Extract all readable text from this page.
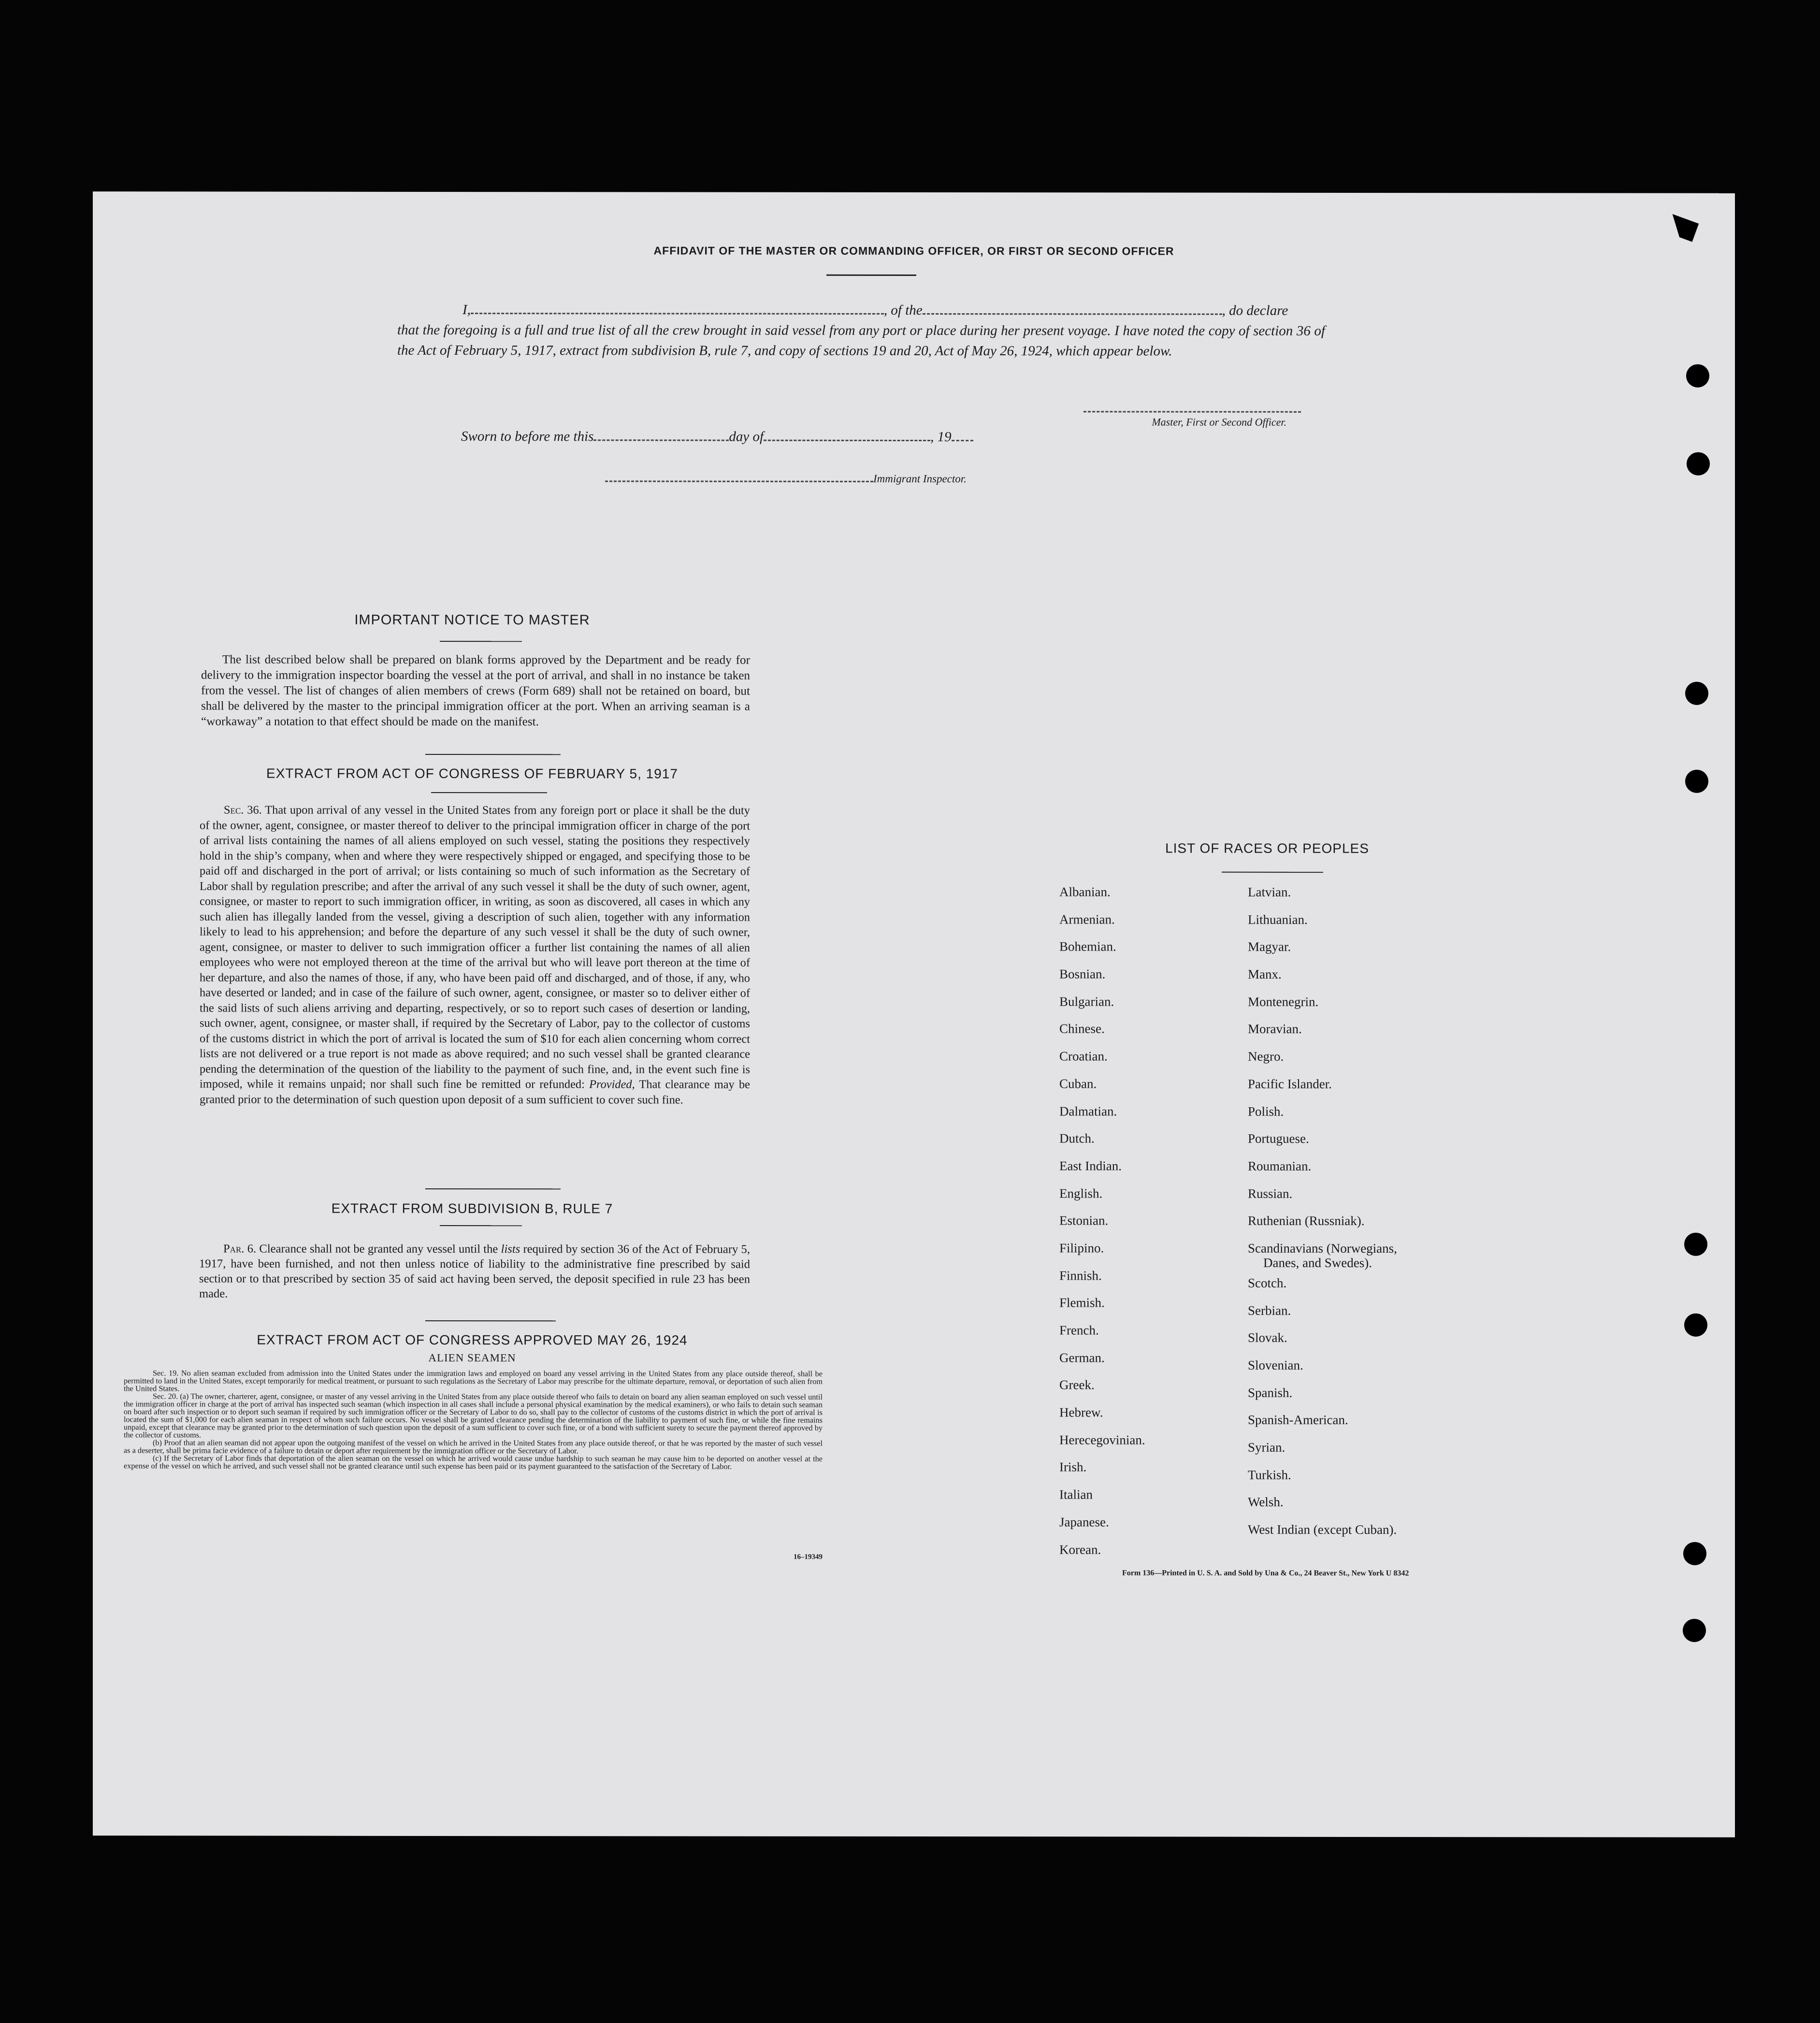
AFFIDAVIT OF THE MASTER OR COMMANDING OFFICER, OR FIRST OR SECOND OFFICER
I,	, of the	, do declare
that the foregoing is a full and true list of all the crew brought in said vessel from any port or place during her present voyage. I have noted the copy of section 36 of the Act of February 5, 1917, extract from subdivision B, rule 7, and copy of sections 19 and 20, Act of May 26, 1924, which appear below.
Master, First or Second Officer.
Sworn to before me this	day of	, 19
Immigrant Inspector.
IMPORTANT NOTICE TO MASTER
The list described below shall be prepared on blank forms approved by the Department and be ready for delivery to the immigration inspector boarding the vessel at the port of arrival, and shall in no instance be taken from the vessel. The list of changes of alien members of crews (Form 689) shall not be retained on board, but shall be delivered by the master to the principal immigration officer at the port. When an arriving seaman is a “workaway” a notation to that effect should be made on the manifest.
EXTRACT FROM ACT OF CONGRESS OF FEBRUARY 5, 1917
Sec. 36. That upon arrival of any vessel in the United States from any foreign port or place it shall be the duty of the owner, agent, consignee, or master thereof to deliver to the principal immigration officer in charge of the port of arrival lists containing the names of all aliens employed on such vessel, stating the positions they respectively hold in the ship’s company, when and where they were respectively shipped or engaged, and specifying those to be paid off and discharged in the port of arrival; or lists containing so much of such information as the Secretary of Labor shall by regulation prescribe; and after the arrival of any such vessel it shall be the duty of such owner, agent, consignee, or master to report to such immigration officer, in writing, as soon as discovered, all cases in which any such alien has illegally landed from the vessel, giving a description of such alien, together with any information likely to lead to his apprehension; and before the departure of any such vessel it shall be the duty of such owner, agent, consignee, or master to deliver to such immigration officer a further list containing the names of all alien employees who were not employed thereon at the time of the arrival but who will leave port thereon at the time of her departure, and also the names of those, if any, who have been paid off and discharged, and of those, if any, who have deserted or landed; and in case of the failure of such owner, agent, consignee, or master so to deliver either of the said lists of such aliens arriving and departing, respectively, or so to report such cases of desertion or landing, such owner, agent, consignee, or master shall, if required by the Secretary of Labor, pay to the collector of customs of the customs district in which the port of arrival is located the sum of $10 for each alien concerning whom correct lists are not delivered or a true report is not made as above required; and no such vessel shall be granted clearance pending the determination of the question of the liability to the payment of such fine, and, in the event such fine is imposed, while it remains unpaid; nor shall such fine be remitted or refunded: Provided, That clearance may be granted prior to the determination of such question upon deposit of a sum sufficient to cover such fine.
EXTRACT FROM SUBDIVISION B, RULE 7
Par. 6. Clearance shall not be granted any vessel until the lists required by section 36 of the Act of February 5, 1917, have been furnished, and not then unless notice of liability to the administrative fine prescribed by said section or to that prescribed by section 35 of said act having been served, the deposit specified in rule 23 has been made.
EXTRACT FROM ACT OF CONGRESS APPROVED MAY 26, 1924
ALIEN SEAMEN
Sec. 19. No alien seaman excluded from admission into the United States under the immigration laws and employed on board any vessel arriving in the United States from any place outside thereof, shall be permitted to land in the United States, except temporarily for medical treatment, or pursuant to such regulations as the Secretary of Labor may prescribe for the ultimate departure, removal, or deportation of such alien from the United States.
Sec. 20. (a) The owner, charterer, agent, consignee, or master of any vessel arriving in the United States from any place outside thereof who fails to detain on board any alien seaman employed on such vessel until the immigration officer in charge at the port of arrival has inspected such seaman (which inspection in all cases shall include a personal physical examination by the medical examiners), or who fails to detain such seaman on board after such inspection or to deport such seaman if required by such immigration officer or the Secretary of Labor to do so, shall pay to the collector of customs of the customs district in which the port of arrival is located the sum of $1,000 for each alien seaman in respect of whom such failure occurs. No vessel shall be granted clearance pending the determination of the liability to payment of such fine, or while the fine remains unpaid, except that clearance may be granted prior to the determination of such question upon the deposit of a sum sufficient to cover such fine, or of a bond with sufficient surety to secure the payment thereof approved by the collector of customs.
(b) Proof that an alien seaman did not appear upon the outgoing manifest of the vessel on which he arrived in the United States from any place outside thereof, or that he was reported by the master of such vessel as a deserter, shall be prima facie evidence of a failure to detain or deport after requirement by the immigration officer or the Secretary of Labor.
(c) If the Secretary of Labor finds that deportation of the alien seaman on the vessel on which he arrived would cause undue hardship to such seaman he may cause him to be deported on another vessel at the expense of the vessel on which he arrived, and such vessel shall not be granted clearance until such expense has been paid or its payment guaranteed to the satisfaction of the Secretary of Labor.
16–19349
LIST OF RACES OR PEOPLES
Albanian.
Armenian.
Bohemian.
Bosnian.
Bulgarian.
Chinese.
Croatian.
Cuban.
Dalmatian.
Dutch.
East Indian.
English.
Estonian.
Filipino.
Finnish.
Flemish.
French.
German.
Greek.
Hebrew.
Herecegovinian.
Irish.
Italian
Japanese.
Korean.
Latvian.
Lithuanian.
Magyar.
Manx.
Montenegrin.
Moravian.
Negro.
Pacific Islander.
Polish.
Portuguese.
Roumanian.
Russian.
Ruthenian (Russniak).
Scandinavians (Norwegians,
Danes, and Swedes).
Scotch.
Serbian.
Slovak.
Slovenian.
Spanish.
Spanish-American.
Syrian.
Turkish.
Welsh.
West Indian (except Cuban).
Form 136—Printed in U. S. A. and Sold by Una & Co., 24 Beaver St., New York U 8342
